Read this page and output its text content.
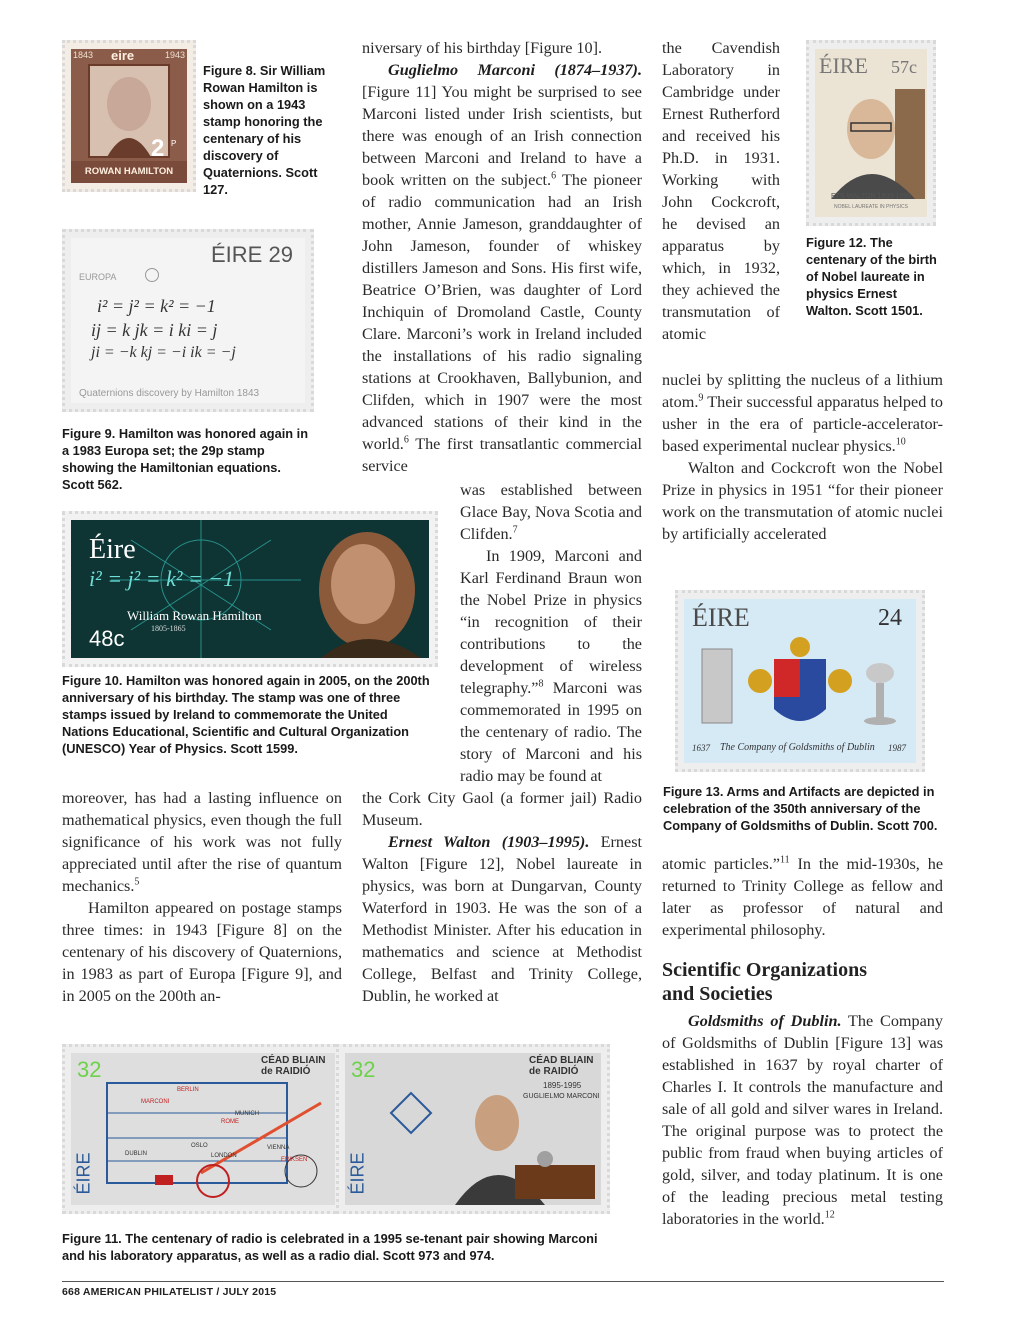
1843 eire	1943
2 P
ROWAN HAMILTON
Figure 8. Sir William Rowan Hamilton is shown on a 1943 stamp honoring the centenary of his discovery of Quaternions. Scott 127.
ÉIRE 29
EUROPA
i² = j² = k² = −1
ij = k jk = i ki = j
ji = −k kj = −i ik = −j
Quaternions discovery by Hamilton 1843
Figure 9. Hamilton was honored again in a 1983 Europa set; the 29p stamp showing the Hamiltonian equations. Scott 562.
Éire
i² = j² = k² = −1
William Rowan Hamilton
1805-1865
48c
Figure 10. Hamilton was honored again in 2005, on the 200th anniversary of his birthday. The stamp was one of three stamps issued by Ireland to commemorate the United Nations Educational, Scientific and Cultural Organization (UNESCO) Year of Physics. Scott 1599.
32
ÉIRE
CÉAD BLIAIN de RAIDIÓ
BERLIN
MARCONI
MUNICH
ROME
OSLO
LONDON
VIENNA
ERIKSEN
DUBLIN
32
ÉIRE
CÉAD BLIAIN de RAIDIÓ
1895-1995
GUGLIELMO MARCONI
Figure 11. The centenary of radio is celebrated in a 1995 se-tenant pair showing Marconi and his laboratory apparatus, as well as a radio dial. Scott 973 and 974.
ÉIRE 57c
ETS WALTON 1903-1995
NOBEL LAUREATE IN PHYSICS
Figure 12. The centenary of the birth of Nobel laureate in physics Ernest Walton. Scott 1501.
ÉIRE	24
1637 The Company of Goldsmiths of Dublin 1987
Figure 13. Arms and Artifacts are depicted in celebration of the 350th anniversary of the Company of Goldsmiths of Dublin. Scott 700.

moreover, has had a lasting influence on mathematical physics, even though the full significance of his work was not fully appreciated until after the rise of quantum mechanics.$^5$

Hamilton appeared on postage stamps three times: in 1943 [Figure 8] on the centenary of his discovery of Quaternions, in 1983 as part of Europa [Figure 9], and in 2005 on the 200th an-

niversary of his birthday [Figure 10].

Guglielmo Marconi (1874–1937). [Figure 11] You might be surprised to see Marconi listed under Irish scientists, but there was enough of an Irish connection between Marconi and Ireland to have a book written on the subject.$^6$ The pioneer of radio communication had an Irish mother, Annie Jameson, granddaughter of John Jameson, founder of whiskey distillers Jameson and Sons. His first wife, Beatrice O’Brien, was daughter of Lord Inchiquin of Dromoland Castle, County Clare. Marconi’s work in Ireland included the installations of his radio signaling stations at Crookhaven, Ballybunion, and Clifden, which in 1907 were the most advanced stations of their kind in the world.$^6$ The first transatlantic commercial service

was established between Glace Bay, Nova Scotia and Clifden.$^7$

In 1909, Marconi and Karl Ferdinand Braun won the Nobel Prize in physics “in recognition of their contributions to the development of wireless telegraphy.”$^8$ Marconi was commemorated in 1995 on the centenary of radio. The story of Marconi and his radio may be found at

the Cork City Gaol (a former jail) Radio Museum.

Ernest Walton (1903–1995). Ernest Walton [Figure 12], Nobel laureate in physics, was born at Dungarvan, County Waterford in 1903. He was the son of a Methodist Minister. After his education in mathematics and science at Methodist College, Belfast and Trinity College, Dublin, he worked at

the Cavendish Laboratory in Cambridge under Ernest Rutherford and received his Ph.D. in 1931. Working with John Cockcroft, he devised an apparatus by which, in 1932, they achieved the transmutation of atomic

nuclei by splitting the nucleus of a lithium atom.$^9$ Their successful apparatus helped to usher in the era of particle-accelerator-based experimental nuclear physics.$^{10}$

Walton and Cockcroft won the Nobel Prize in physics in 1951 “for their pioneer work on the transmutation of atomic nuclei by artificially accelerated

atomic particles.”$^{11}$ In the mid-1930s, he returned to Trinity College as fellow and later as professor of natural and experimental philosophy.

Scientific Organizations
and Societies

Goldsmiths of Dublin. The Company of Goldsmiths of Dublin [Figure 13] was established in 1637 by royal charter of Charles I. It controls the manufacture and sale of all gold and silver wares in Ireland. The original purpose was to protect the public from fraud when buying articles of gold, silver, and today platinum. It is one of the leading precious metal testing laboratories in the world.$^{12}$

668 AMERICAN PHILATELIST / JULY 2015
